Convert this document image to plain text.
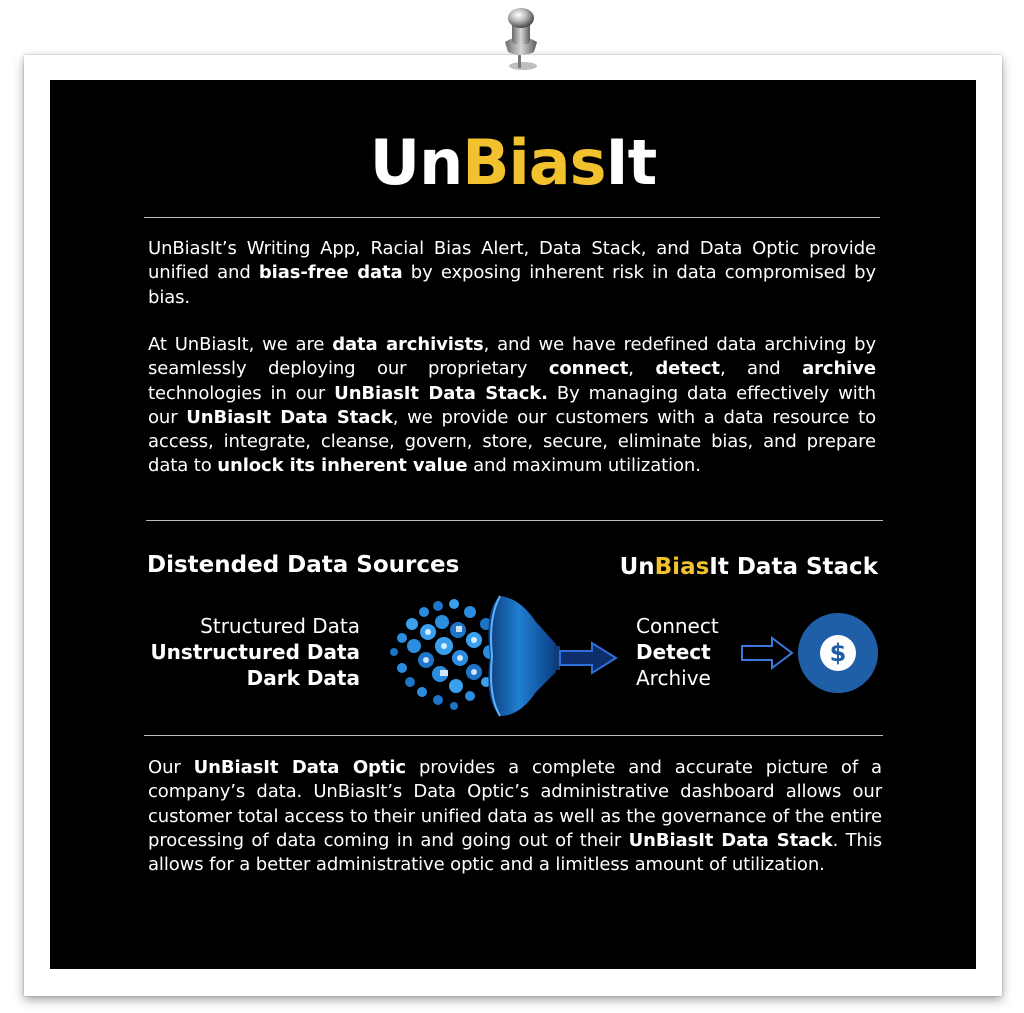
UnBiasIt

UnBiasIt’s Writing App, Racial Bias Alert, Data Stack, and Data Optic provide unified and bias-free data by exposing inherent risk in data compromised by bias.

At UnBiasIt, we are data archivists, and we have redefined data archiving by seamlessly deploying our proprietary connect, detect, and archive technologies in our UnBiasIt Data Stack. By managing data effectively with our UnBiasIt Data Stack, we provide our customers with a data resource to access, integrate, cleanse, govern, store, secure, eliminate bias, and prepare data to unlock its inherent value and maximum utilization.

Distended Data Sources	UnBiasIt Data Stack
Structured Data
Unstructured Data
Dark Data
Connect
Detect
Archive
$

Our UnBiasIt Data Optic provides a complete and accurate picture of a company’s data. UnBiasIt’s Data Optic’s administrative dashboard allows our customer total access to their unified data as well as the governance of the entire processing of data coming in and going out of their UnBiasIt Data Stack. This allows for a better administrative optic and a limitless amount of utilization.
